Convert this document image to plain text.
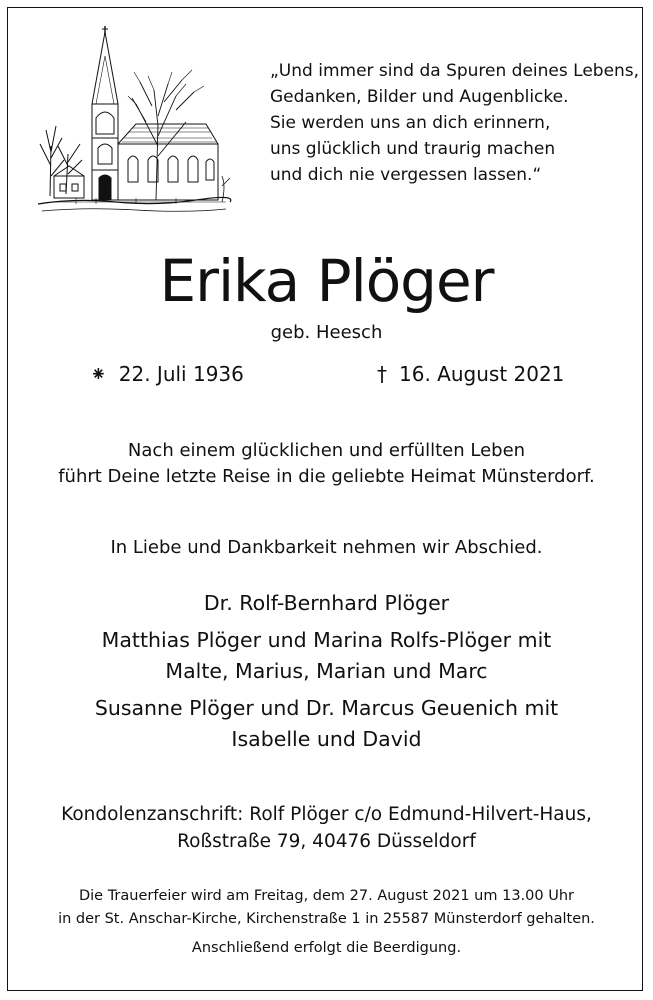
„Und immer sind da Spuren deines Lebens,
Gedanken, Bilder und Augenblicke.
Sie werden uns an dich erinnern,
uns glücklich und traurig machen
und dich nie vergessen lassen.“
Erika Plöger
geb. Heesch
⁕ 22. Juli 1936	† 16. August 2021
Nach einem glücklichen und erfüllten Leben
führt Deine letzte Reise in die geliebte Heimat Münsterdorf.
In Liebe und Dankbarkeit nehmen wir Abschied.
Dr. Rolf-Bernhard Plöger
Matthias Plöger und Marina Rolfs-Plöger mit
Malte, Marius, Marian und Marc
Susanne Plöger und Dr. Marcus Geuenich mit
Isabelle und David
Kondolenzanschrift: Rolf Plöger c/o Edmund-Hilvert-Haus,
Roßstraße 79, 40476 Düsseldorf
Die Trauerfeier wird am Freitag, dem 27. August 2021 um 13.00 Uhr
in der St. Anschar-Kirche, Kirchenstraße 1 in 25587 Münsterdorf gehalten.
Anschließend erfolgt die Beerdigung.
